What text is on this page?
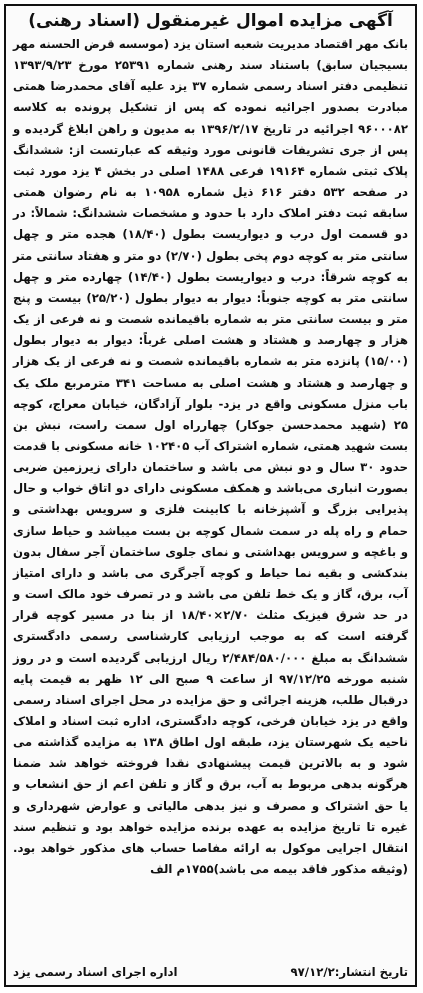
آگهی مزایده اموال غیرمنقول (اسناد رهنی)

بانک مهر اقتصاد مدیریت شعبه استان یزد (موسسه قرض الحسنه مهر بسیجیان سابق) باستناد سند رهنی شماره ۲۵۳۹۱ مورخ ۱۳۹۳/۹/۲۳ تنظیمی دفتر اسناد رسمی شماره ۳۷ یزد علیه آقای محمدرضا همتی مبادرت بصدور اجرائیه نموده که پس از تشکیل پرونده به کلاسه ۹۶۰۰۰۸۲ اجرائیه در تاریخ ۱۳۹۶/۲/۱۷ به مدیون و راهن ابلاغ گردیده و پس از جری تشریفات قانونی مورد وثیقه که عبارتست از: ششدانگ پلاک ثبتی شماره ۱۹۱۶۴ فرعی ۱۴۸۸ اصلی در بخش ۴ یزد مورد ثبت در صفحه ۵۳۲ دفتر ۶۱۶ ذیل شماره ۱۰۹۵۸ به نام رضوان همتی سابقه ثبت دفتر املاک دارد با حدود و مشخصات ششدانگ: شمالاً: در دو قسمت اول درب و دیواریست بطول (۱۸/۴۰) هجده متر و چهل سانتی متر به کوچه دوم پخی بطول (۲/۷۰) دو متر و هفتاد سانتی متر به کوچه شرقاً: درب و دیواریست بطول (۱۴/۴۰) چهارده متر و چهل سانتی متر به کوچه جنوباً: دیوار به دیوار بطول (۲۵/۲۰) بیست و پنج متر و بیست سانتی متر به شماره باقیمانده شصت و نه فرعی از یک هزار و چهارصد و هشتاد و هشت اصلی غرباً: دیوار به دیوار بطول (۱۵/۰۰) پانزده متر به شماره باقیمانده شصت و نه فرعی از یک هزار و چهارصد و هشتاد و هشت اصلی به مساحت ۳۴۱ مترمربع ملک یک باب منزل مسکونی واقع در یزد- بلوار آزادگان، خیابان معراج، کوچه ۲۵ (شهید محمدحسن جوکار) چهارراه اول سمت راست، نبش بن بست شهید همتی، شماره اشتراک آب ۱۰۲۴۰۵ خانه مسکونی با قدمت حدود ۳۰ سال و دو نبش می باشد و ساختمان دارای زیرزمین ضربی بصورت انباری می‌باشد و همکف مسکونی دارای دو اتاق خواب و حال پذیرایی بزرگ و آشپزخانه با کابینت فلزی و سرویس بهداشتی و حمام و راه پله در سمت شمال کوچه بن بست میباشد و حیاط سازی و باغچه و سرویس بهداشتی و نمای جلوی ساختمان آجر سفال بدون بندکشی و بقیه نما حیاط و کوچه آجرگری می باشد و دارای امتیاز آب، برق، گاز و یک خط تلفن می باشد و در تصرف خود مالک است و در حد شرق فیزیک مثلث ۲/۷۰×۱۸/۴۰ از بنا در مسیر کوچه قرار گرفته است که به موجب ارزیابی کارشناسی رسمی دادگستری ششدانگ به مبلغ ۲/۴۸۴/۵۸۰/۰۰۰ ریال ارزیابی گردیده است و در روز شنبه مورخه ۹۷/۱۲/۲۵ از ساعت ۹ صبح الی ۱۲ ظهر به قیمت پایه درقبال طلب، هزینه اجرائی و حق مزایده در محل اجرای اسناد رسمی واقع در یزد خیابان فرخی، کوچه دادگستری، اداره ثبت اسناد و املاک ناحیه یک شهرستان یزد، طبقه اول اطاق ۱۳۸ به مزایده گذاشته می شود و به بالاترین قیمت پیشنهادی نقدا فروخته خواهد شد ضمنا هرگونه بدهی مربوط به آب، برق و گاز و تلفن اعم از حق انشعاب و یا حق اشتراک و مصرف و نیز بدهی مالیاتی و عوارض شهرداری و غیره تا تاریخ مزایده به عهده برنده مزایده خواهد بود و تنظیم سند انتقال اجرایی موکول به ارائه مفاصا حساب های مذکور خواهد بود. (وثیقه مذکور فاقد بیمه می باشد)۱۷۵۵م الف

تاریخ انتشار:۹۷/۱۲/۲
اداره اجرای اسناد رسمی یزد
